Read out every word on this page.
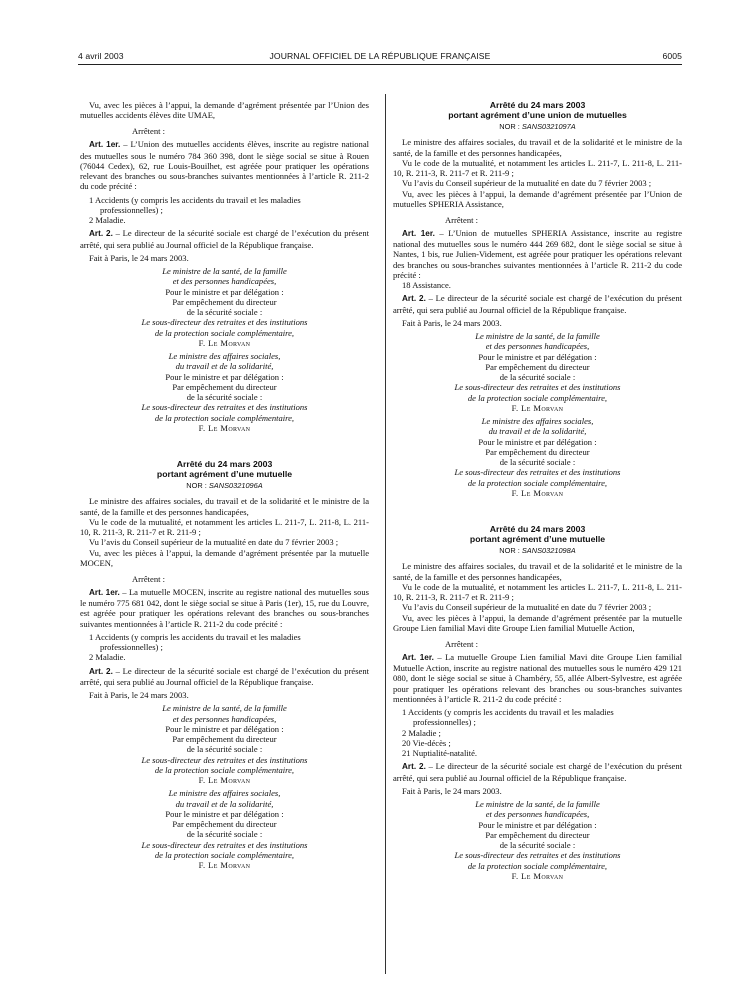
4 avril 2003	JOURNAL OFFICIEL DE LA RÉPUBLIQUE FRANÇAISE	6005

Vu, avec les pièces à l’appui, la demande d’agrément présentée par l’Union des mutuelles accidents élèves dite UMAE,

Arrêtent :

Art. 1er. – L’Union des mutuelles accidents élèves, inscrite au registre national des mutuelles sous le numéro 784 360 398, dont le siège social se situe à Rouen (76044 Cedex), 62, rue Louis-Bouilhet, est agréée pour pratiquer les opérations relevant des branches ou sous-branches suivantes mentionnées à l’article R. 211-2 du code précité :

1 Accidents (y compris les accidents du travail et les maladies

professionnelles) ;

2 Maladie.

Art. 2. – Le directeur de la sécurité sociale est chargé de l’exécution du présent arrêté, qui sera publié au Journal officiel de la République française.

Fait à Paris, le 24 mars 2003.

Le ministre de la santé, de la famille

et des personnes handicapées,

Pour le ministre et par délégation :

Par empêchement du directeur

de la sécurité sociale :

Le sous-directeur des retraites et des institutions

de la protection sociale complémentaire,

F. Le Morvan

Le ministre des affaires sociales,

du travail et de la solidarité,

Pour le ministre et par délégation :

Par empêchement du directeur

de la sécurité sociale :

Le sous-directeur des retraites et des institutions

de la protection sociale complémentaire,

F. Le Morvan

Arrêté du 24 mars 2003

portant agrément d’une mutuelle

NOR : SANS0321096A

Le ministre des affaires sociales, du travail et de la solidarité et le ministre de la santé, de la famille et des personnes handicapées,

Vu le code de la mutualité, et notamment les articles L. 211-7, L. 211-8, L. 211-10, R. 211-3, R. 211-7 et R. 211-9 ;

Vu l’avis du Conseil supérieur de la mutualité en date du 7 février 2003 ;

Vu, avec les pièces à l’appui, la demande d’agrément présentée par la mutuelle MOCEN,

Arrêtent :

Art. 1er. – La mutuelle MOCEN, inscrite au registre national des mutuelles sous le numéro 775 681 042, dont le siège social se situe à Paris (1er), 15, rue du Louvre, est agréée pour pratiquer les opérations relevant des branches ou sous-branches suivantes mentionnées à l’article R. 211-2 du code précité :

1 Accidents (y compris les accidents du travail et les maladies

professionnelles) ;

2 Maladie.

Art. 2. – Le directeur de la sécurité sociale est chargé de l’exécution du présent arrêté, qui sera publié au Journal officiel de la République française.

Fait à Paris, le 24 mars 2003.

Le ministre de la santé, de la famille

et des personnes handicapées,

Pour le ministre et par délégation :

Par empêchement du directeur

de la sécurité sociale :

Le sous-directeur des retraites et des institutions

de la protection sociale complémentaire,

F. Le Morvan

Le ministre des affaires sociales,

du travail et de la solidarité,

Pour le ministre et par délégation :

Par empêchement du directeur

de la sécurité sociale :

Le sous-directeur des retraites et des institutions

de la protection sociale complémentaire,

F. Le Morvan

Arrêté du 24 mars 2003

portant agrément d’une union de mutuelles

NOR : SANS0321097A

Le ministre des affaires sociales, du travail et de la solidarité et le ministre de la santé, de la famille et des personnes handicapées,

Vu le code de la mutualité, et notamment les articles L. 211-7, L. 211-8, L. 211-10, R. 211-3, R. 211-7 et R. 211-9 ;

Vu l’avis du Conseil supérieur de la mutualité en date du 7 février 2003 ;

Vu, avec les pièces à l’appui, la demande d’agrément présentée par l’Union de mutuelles SPHERIA Assistance,

Arrêtent :

Art. 1er. – L’Union de mutuelles SPHERIA Assistance, inscrite au registre national des mutuelles sous le numéro 444 269 682, dont le siège social se situe à Nantes, 1 bis, rue Julien-Videment, est agréée pour pratiquer les opérations relevant des branches ou sous-branches suivantes mentionnées à l’article R. 211-2 du code précité :

18 Assistance.

Art. 2. – Le directeur de la sécurité sociale est chargé de l’exécution du présent arrêté, qui sera publié au Journal officiel de la République française.

Fait à Paris, le 24 mars 2003.

Le ministre de la santé, de la famille

et des personnes handicapées,

Pour le ministre et par délégation :

Par empêchement du directeur

de la sécurité sociale :

Le sous-directeur des retraites et des institutions

de la protection sociale complémentaire,

F. Le Morvan

Le ministre des affaires sociales,

du travail et de la solidarité,

Pour le ministre et par délégation :

Par empêchement du directeur

de la sécurité sociale :

Le sous-directeur des retraites et des institutions

de la protection sociale complémentaire,

F. Le Morvan

Arrêté du 24 mars 2003

portant agrément d’une mutuelle

NOR : SANS0321098A

Le ministre des affaires sociales, du travail et de la solidarité et le ministre de la santé, de la famille et des personnes handicapées,

Vu le code de la mutualité, et notamment les articles L. 211-7, L. 211-8, L. 211-10, R. 211-3, R. 211-7 et R. 211-9 ;

Vu l’avis du Conseil supérieur de la mutualité en date du 7 février 2003 ;

Vu, avec les pièces à l’appui, la demande d’agrément présentée par la mutuelle Groupe Lien familial Mavi dite Groupe Lien familial Mutuelle Action,

Arrêtent :

Art. 1er. – La mutuelle Groupe Lien familial Mavi dite Groupe Lien familial Mutuelle Action, inscrite au registre national des mutuelles sous le numéro 429 121 080, dont le siège social se situe à Chambéry, 55, allée Albert-Sylvestre, est agréée pour pratiquer les opérations relevant des branches ou sous-branches suivantes mentionnées à l’article R. 211-2 du code précité :

1 Accidents (y compris les accidents du travail et les maladies

professionnelles) ;

2 Maladie ;

20 Vie-décès ;

21 Nuptialité-natalité.

Art. 2. – Le directeur de la sécurité sociale est chargé de l’exécution du présent arrêté, qui sera publié au Journal officiel de la République française.

Fait à Paris, le 24 mars 2003.

Le ministre de la santé, de la famille

et des personnes handicapées,

Pour le ministre et par délégation :

Par empêchement du directeur

de la sécurité sociale :

Le sous-directeur des retraites et des institutions

de la protection sociale complémentaire,

F. Le Morvan
